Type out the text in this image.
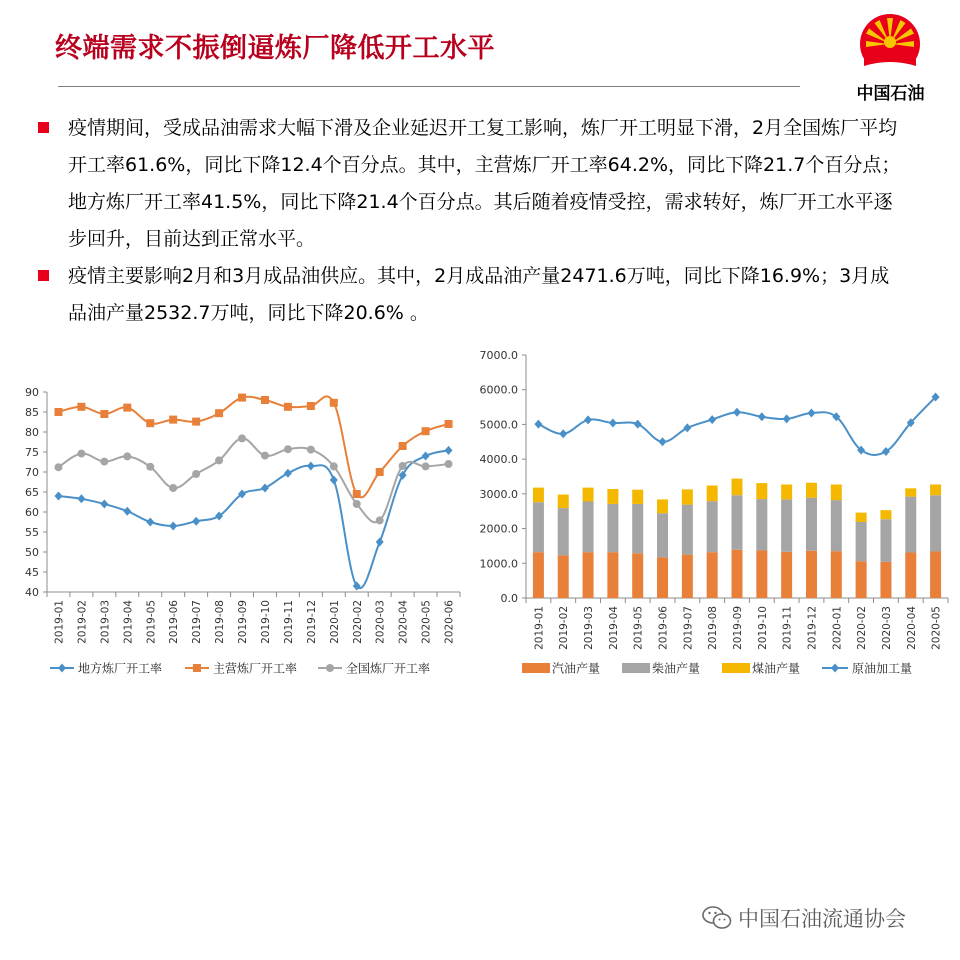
终端需求不振倒逼炼厂降低开工水平
中国石油
疫情期间，受成品油需求大幅下滑及企业延迟开工复工影响，炼厂开工明显下滑，2月全国炼厂平均开工率61.6%，同比下降12.4个百分点。其中，主营炼厂开工率64.2%，同比下降21.7个百分点；地方炼厂开工率41.5%，同比下降21.4个百分点。其后随着疫情受控，需求转好，炼厂开工水平逐步回升，目前达到正常水平。
疫情主要影响2月和3月成品油供应。其中，2月成品油产量2471.6万吨，同比下降16.9%；3月成品油产量2532.7万吨，同比下降20.6% 。
90
85
80
75
70
65
60
55
50
45
40
2019-01 2019-02 2019-03 2019-04 2019-05 2019-06 2019-07 2019-08 2019-09 2019-10 2019-11 2019-12 2020-01 2020-02 2020-03 2020-04 2020-05 2020-06
地方炼厂开工率	主营炼厂开工率	全国炼厂开工率
7000.0
6000.0
5000.0
4000.0
3000.0
2000.0
1000.0
0.0
2019-01 2019-02 2019-03 2019-04 2019-05 2019-06 2019-07 2019-08 2019-09 2019-10 2019-11 2019-12 2020-01 2020-02 2020-03 2020-04 2020-05
汽油产量	柴油产量	煤油产量	原油加工量
中国石油流通协会
